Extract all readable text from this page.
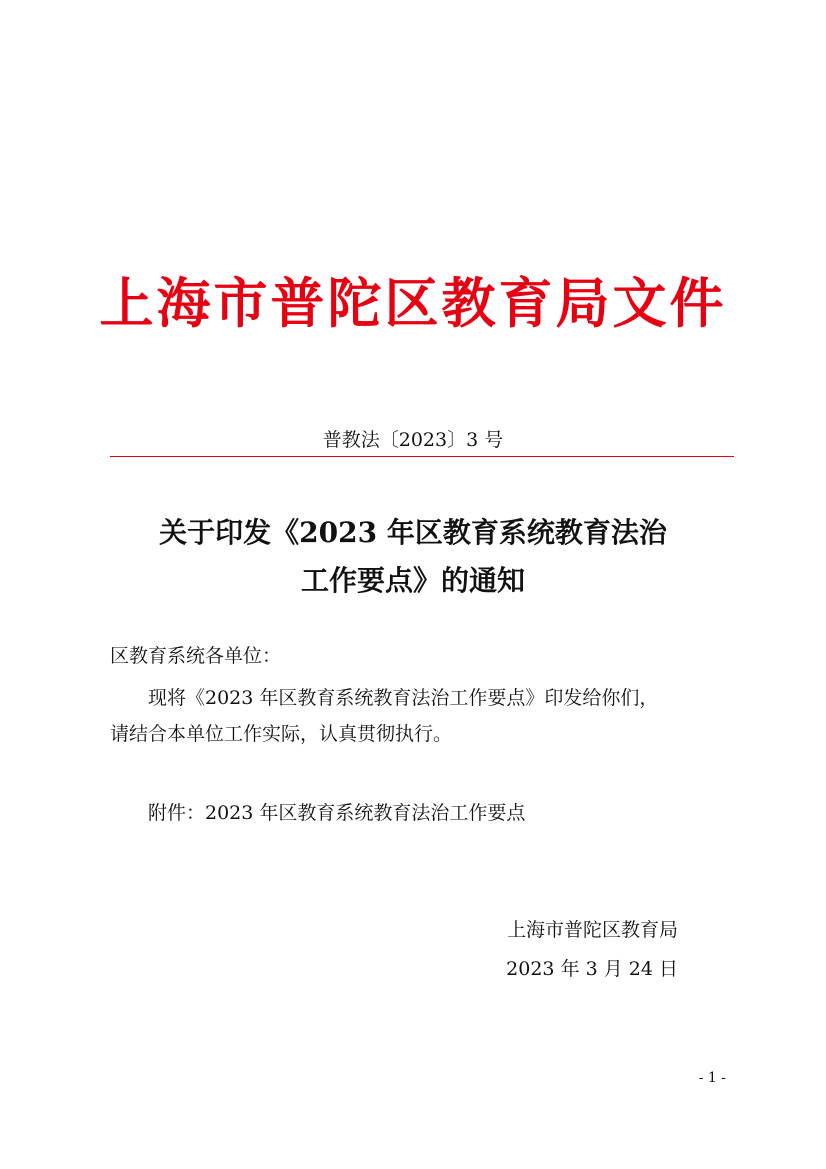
上海市普陀区教育局文件
普教法〔2023〕3 号
关于印发《2023 年区教育系统教育法治
工作要点》的通知
区教育系统各单位：
现将《2023 年区教育系统教育法治工作要点》印发给你们，
请结合本单位工作实际，认真贯彻执行。
附件：2023 年区教育系统教育法治工作要点
上海市普陀区教育局
2023 年 3 月 24 日
- 1 -
